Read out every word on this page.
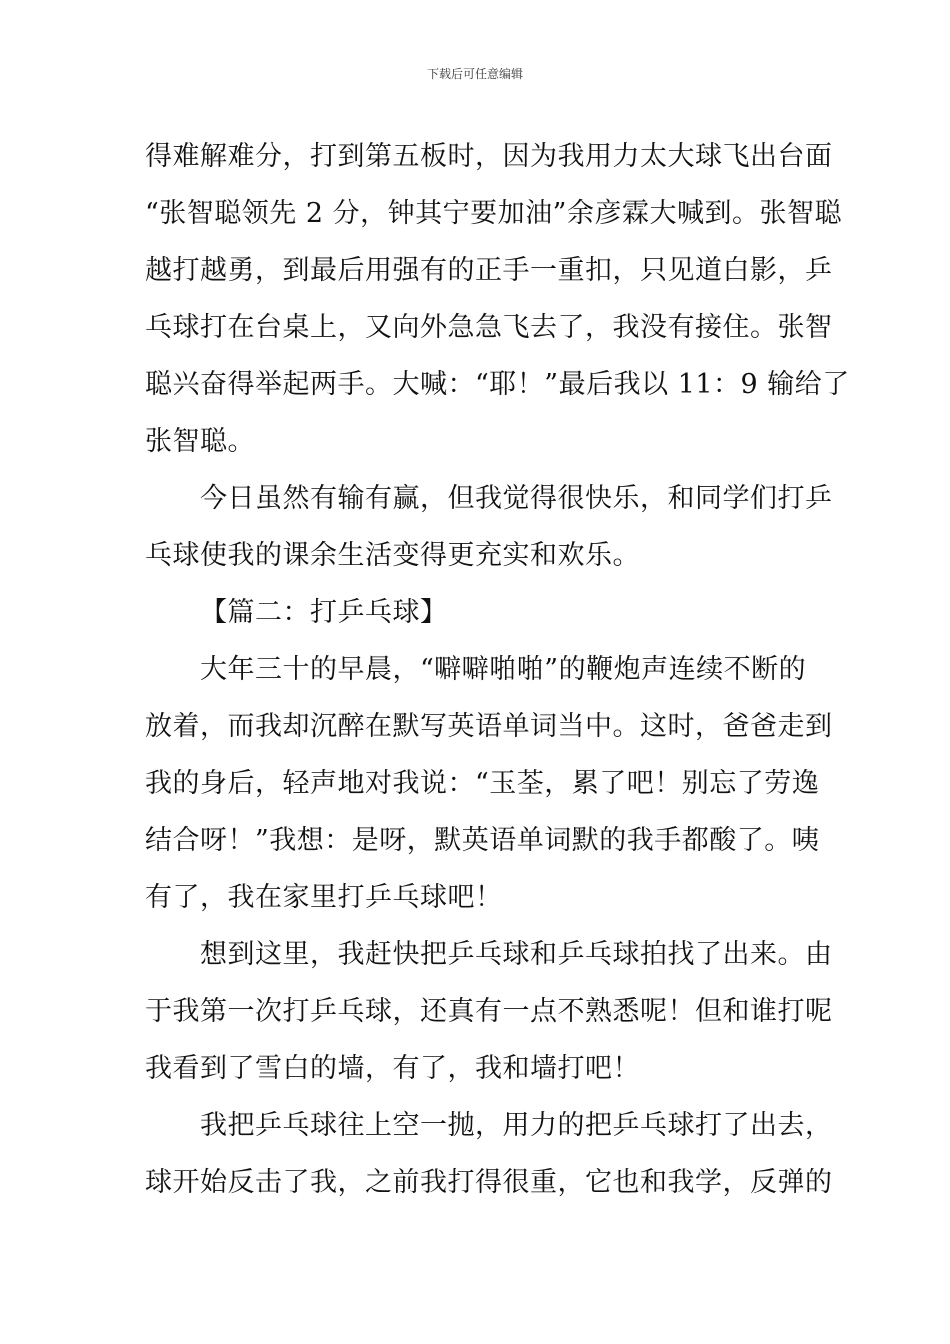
下载后可任意编辑
得难解难分，打到第五板时，因为我用力太大球飞出台面
“张智聪领先 2 分，钟其宁要加油”余彦霖大喊到。张智聪
越打越勇，到最后用强有的正手一重扣，只见道白影，乒
乓球打在台桌上，又向外急急飞去了，我没有接住。张智
聪兴奋得举起两手。大喊：“耶！”最后我以 11：9 输给了
张智聪。
今日虽然有输有赢，但我觉得很快乐，和同学们打乒
乓球使我的课余生活变得更充实和欢乐。
【篇二：打乒乓球】
大年三十的早晨，“噼噼啪啪”的鞭炮声连续不断的
放着，而我却沉醉在默写英语单词当中。这时，爸爸走到
我的身后，轻声地对我说：“玉荃，累了吧！别忘了劳逸
结合呀！”我想：是呀，默英语单词默的我手都酸了。咦
有了，我在家里打乒乓球吧！
想到这里，我赶快把乒乓球和乒乓球拍找了出来。由
于我第一次打乒乓球，还真有一点不熟悉呢！但和谁打呢
我看到了雪白的墙，有了，我和墙打吧！
我把乒乓球往上空一抛，用力的把乒乓球打了出去，
球开始反击了我，之前我打得很重，它也和我学，反弹的
